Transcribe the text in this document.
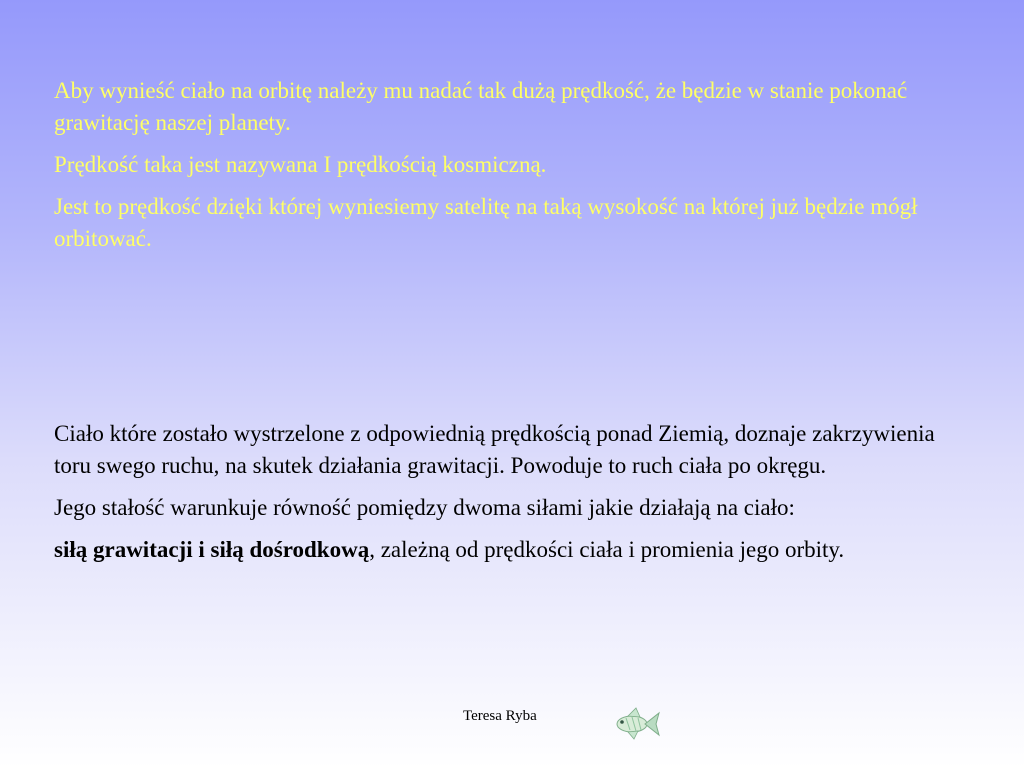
Aby wynieść ciało na orbitę należy mu nadać tak dużą prędkość, że będzie w stanie pokonać grawitację naszej planety.

Prędkość taka jest nazywana I prędkością kosmiczną.

Jest to prędkość dzięki której wyniesiemy satelitę na taką wysokość na której już będzie mógł orbitować.

Ciało które zostało wystrzelone z odpowiednią prędkością ponad Ziemią, doznaje zakrzywienia toru swego ruchu, na skutek działania grawitacji. Powoduje to ruch ciała po okręgu.

Jego stałość warunkuje równość pomiędzy dwoma siłami jakie działają na ciało:

siłą grawitacji i siłą dośrodkową, zależną od prędkości ciała i promienia jego orbity.

Teresa Ryba
